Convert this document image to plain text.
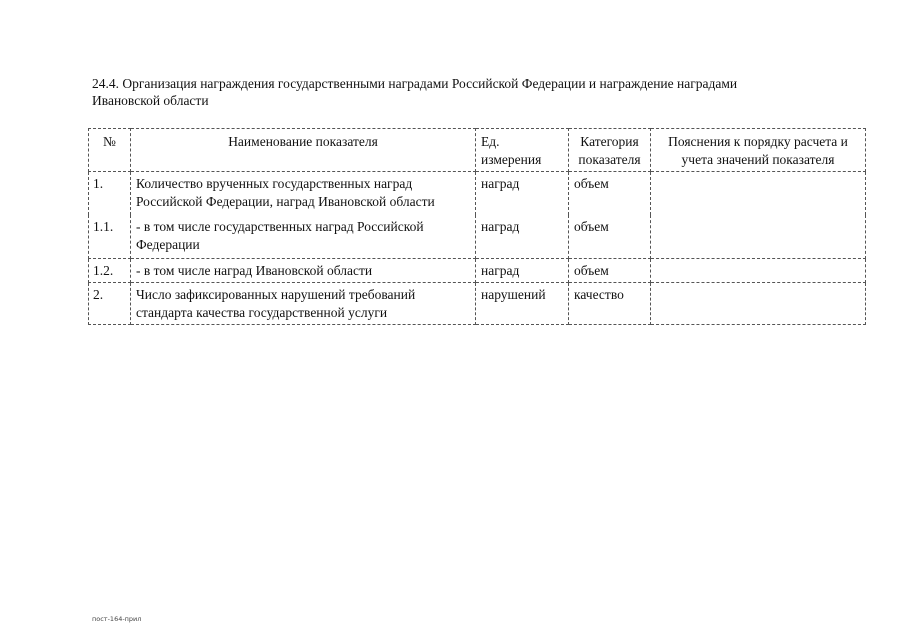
24.4. Организация награждения государственными наградами Российской Федерации и награждение наградами
Ивановской области
№	Наименование показателя	Ед. измерения	Категория показателя	Пояснения к порядку расчета и учета значений показателя
1.	Количество врученных государственных наград Российской Федерации, наград Ивановской области	наград	объем	
1.1.	- в том числе государственных наград Российской Федерации	наград	объем	
1.2.	- в том числе наград Ивановской области	наград	объем	
2.	Число зафиксированных нарушений требований стандарта качества государственной услуги	нарушений	качество	
пост-164-прил
